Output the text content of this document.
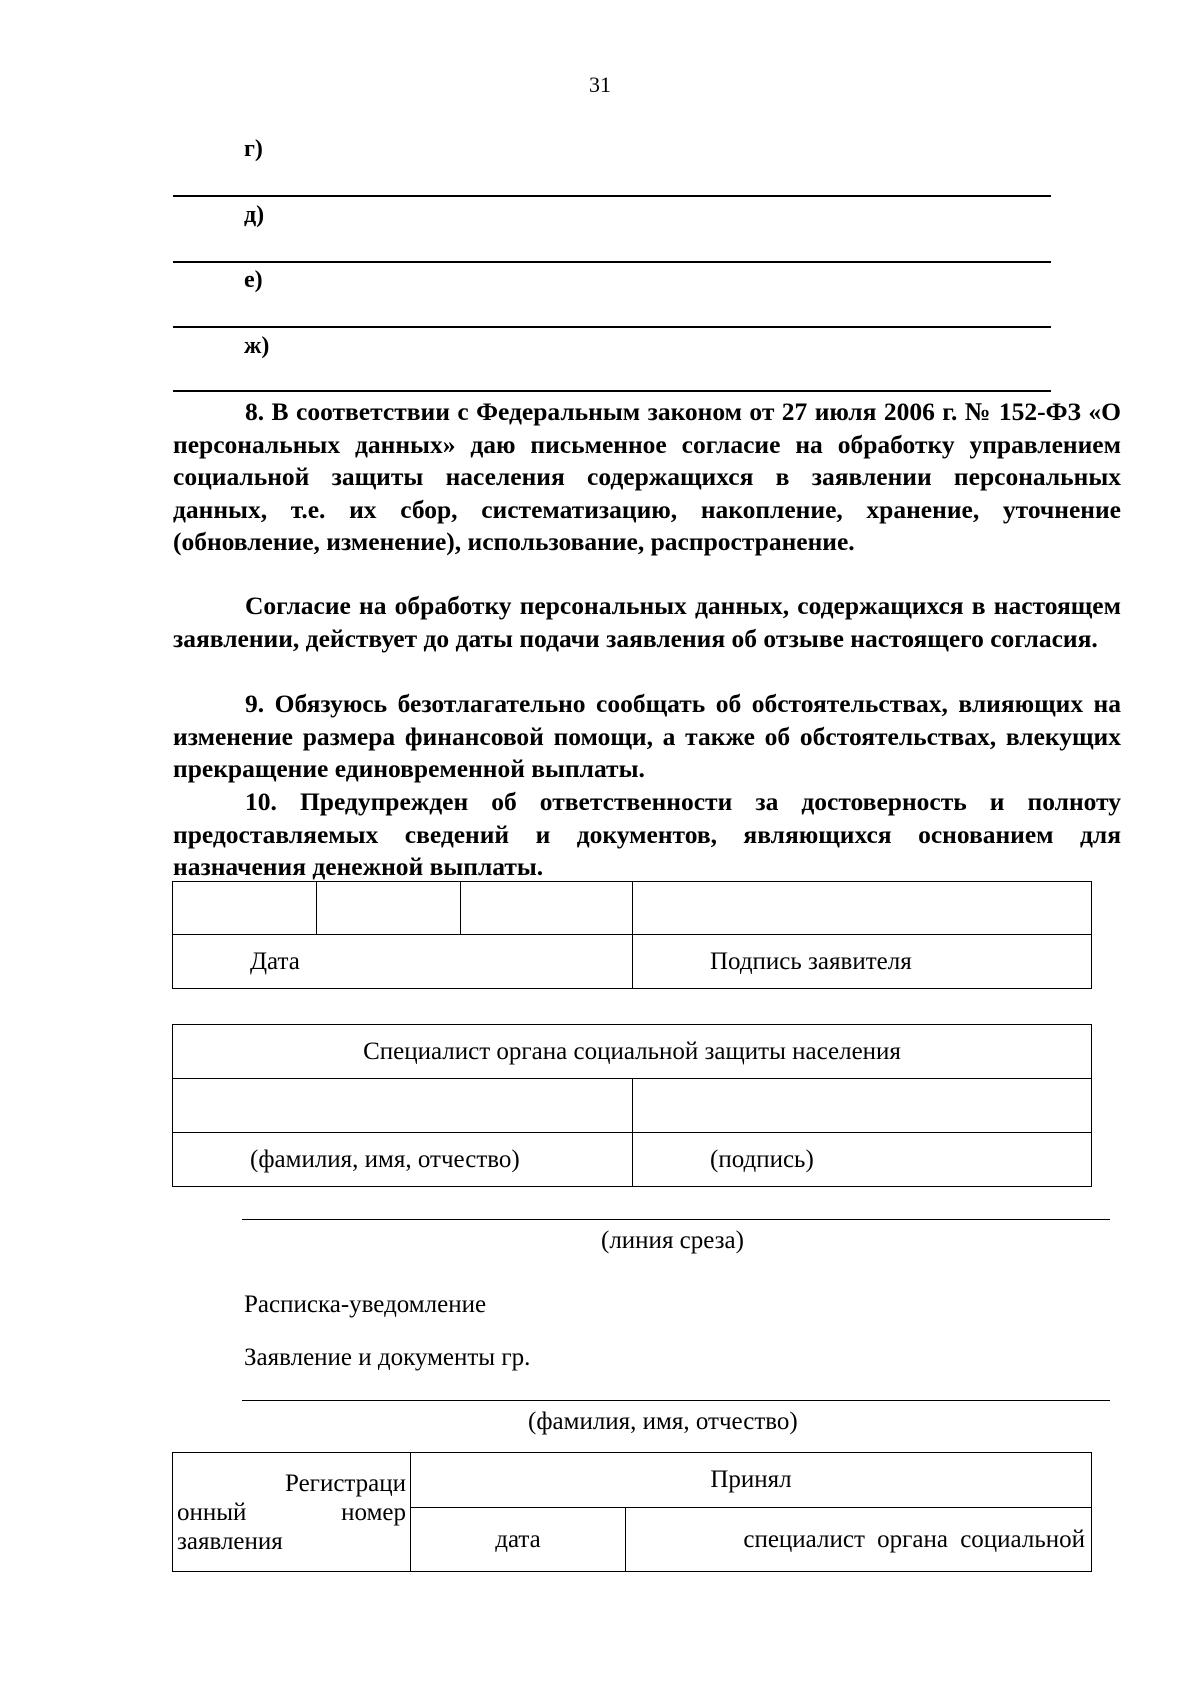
31
г)
д)
е)
ж)
8. В соответствии с Федеральным законом от 27 июля 2006 г. № 152-ФЗ «О персональных данных» даю письменное согласие на обработку управлением социальной защиты населения содержащихся в заявлении персональных данных, т.е. их сбор, систематизацию, накопление, хранение, уточнение (обновление, изменение), использование, распространение.
Согласие на обработку персональных данных, содержащихся в настоящем заявлении, действует до даты подачи заявления об отзыве настоящего согласия.
9. Обязуюсь безотлагательно сообщать об обстоятельствах, влияющих на изменение размера финансовой помощи, а также об обстоятельствах, влекущих прекращение единовременной выплаты.
10. Предупрежден об ответственности за достоверность и полноту предоставляемых сведений и документов, являющихся основанием для назначения денежной выплаты.

Дата			Подпись заявителя
Специалист органа социальной защиты населения	

(фамилия, имя, отчество)	(подпись)
(линия среза)
Расписка-уведомление
Заявление и документы гр.
(фамилия, имя, отчество)
Регистраци
онный номер
заявления	Принял	
	дата	специалист органа социальной
